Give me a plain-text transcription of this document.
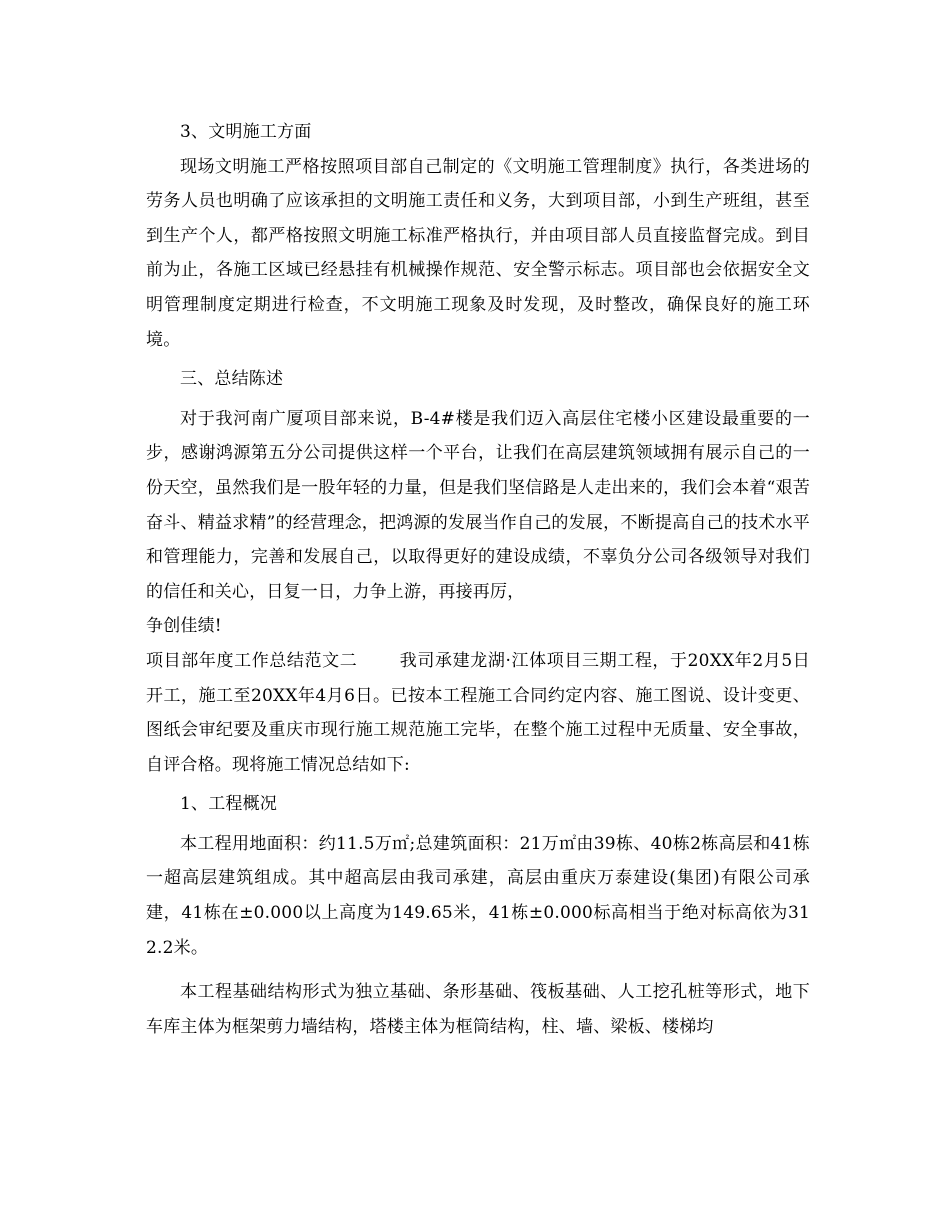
3、文明施工方面

现场文明施工严格按照项目部自己制定的《文明施工管理制度》执行，各类进场的劳务人员也明确了应该承担的文明施工责任和义务，大到项目部，小到生产班组，甚至到生产个人，都严格按照文明施工标准严格执行，并由项目部人员直接监督完成。到目前为止，各施工区域已经悬挂有机械操作规范、安全警示标志。项目部也会依据安全文明管理制度定期进行检查，不文明施工现象及时发现，及时整改，确保良好的施工环境。

三、总结陈述

对于我河南广厦项目部来说，B-4#楼是我们迈入高层住宅楼小区建设最重要的一步，感谢鸿源第五分公司提供这样一个平台，让我们在高层建筑领域拥有展示自己的一份天空，虽然我们是一股年轻的力量，但是我们坚信路是人走出来的，我们会本着“艰苦奋斗、精益求精”的经营理念，把鸿源的发展当作自己的发展，不断提高自己的技术水平和管理能力，完善和发展自己，以取得更好的建设成绩，不辜负分公司各级领导对我们的信任和关心，日复一日，力争上游，再接再厉，

争创佳绩!

项目部年度工作总结范文二 我司承建龙湖·江体项目三期工程，于20XX年2月5日开工，施工至20XX年4月6日。已按本工程施工合同约定内容、施工图说、设计变更、图纸会审纪要及重庆市现行施工规范施工完毕，在整个施工过程中无质量、安全事故，自评合格。现将施工情况总结如下:

1、工程概况

本工程用地面积：约11.5万㎡;总建筑面积：21万㎡由39栋、40栋2栋高层和41栋一超高层建筑组成。其中超高层由我司承建，高层由重庆万泰建设(集团)有限公司承建，41栋在±0.000以上高度为149.65米，41栋±0.000标高相当于绝对标高依为312.2米。

本工程基础结构形式为独立基础、条形基础、筏板基础、人工挖孔桩等形式，地下车库主体为框架剪力墙结构，塔楼主体为框筒结构，柱、墙、梁板、楼梯均
